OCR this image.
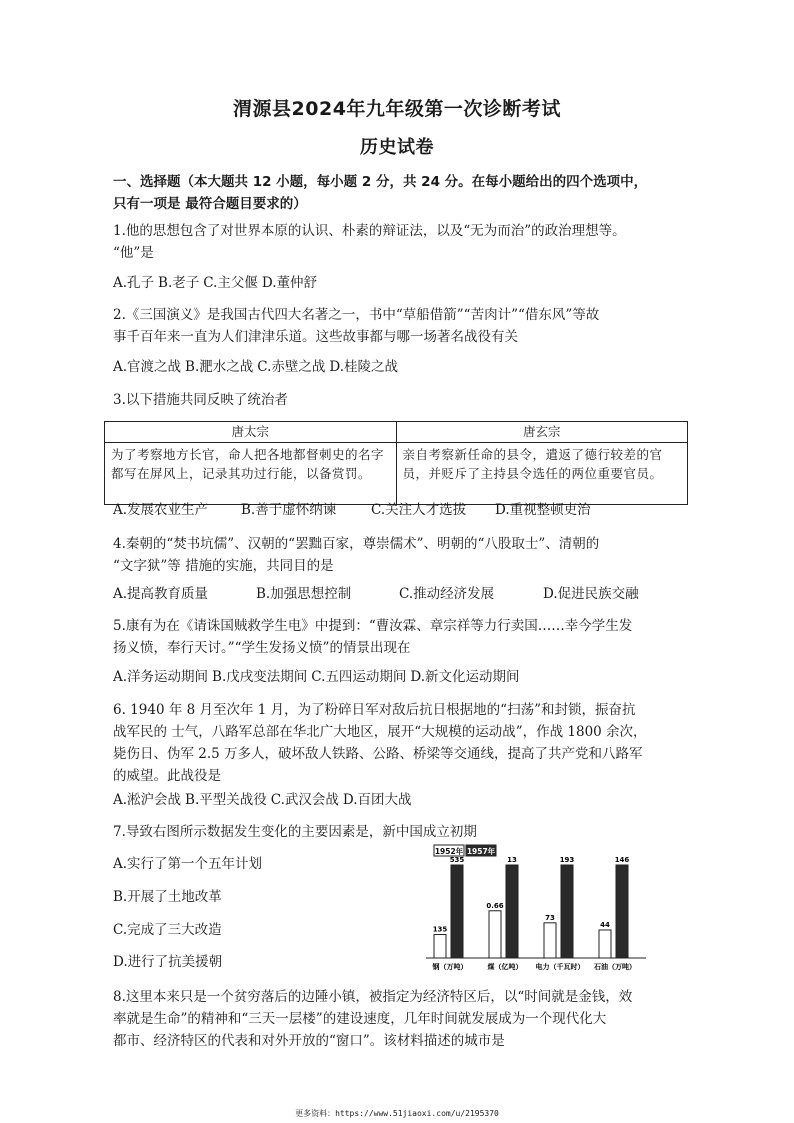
渭源县2024年九年级第一次诊断考试
历史试卷
一、选择题（本大题共 12 小题，每小题 2 分，共 24 分。在每小题给出的四个选项中，
只有一项是 最符合题目要求的）
1.他的思想包含了对世界本原的认识、朴素的辩证法，以及“无为而治”的政治理想等。
“他”是
A.孔子 B.老子 C.主父偃 D.董仲舒
2.《三国演义》是我国古代四大名著之一，书中“草船借箭”“苦肉计”“借东风”等故
事千百年来一直为人们津津乐道。这些故事都与哪一场著名战役有关
A.官渡之战 B.淝水之战 C.赤壁之战 D.桂陵之战
3.以下措施共同反映了统治者
唐太宗	唐玄宗
为了考察地方长官，命人把各地都督刺史的名字都写在屏风上，记录其功过行能，以备赏罚。	亲自考察新任命的县令，遣返了德行较差的官员，并贬斥了主持县令选任的两位重要官员。
A.发展农业生产 B.善于虚怀纳谏	C.关注人才选拔 D.重视整顿吏治
4.秦朝的“焚书坑儒”、汉朝的“罢黜百家，尊崇儒术”、明朝的“八股取士”、清朝的
“文字狱”等 措施的实施，共同目的是
A.提高教育质量	B.加强思想控制	C.推动经济发展	D.促进民族交融
5.康有为在《请诛国贼救学生电》中提到：“曹汝霖、章宗祥等力行卖国……幸今学生发
扬义愤，奉行天讨。”“学生发扬义愤”的情景出现在
A.洋务运动期间 B.戊戌变法期间 C.五四运动期间 D.新文化运动期间
6. 1940 年 8 月至次年 1 月，为了粉碎日军对敌后抗日根据地的“扫荡”和封锁，振奋抗
战军民的 士气，八路军总部在华北广大地区，展开“大规模的运动战”，作战 1800 余次，
毙伤日、伪军 2.5 万多人，破坏敌人铁路、公路、桥梁等交通线，提高了共产党和八路军
的威望。此战役是
A.淞沪会战 B.平型关战役 C.武汉会战 D.百团大战
7.导致右图所示数据发生变化的主要因素是，新中国成立初期
A.实行了第一个五年计划
B.开展了土地改革
C.完成了三大改造
D.进行了抗美援朝
1952年 1957年
135
535
0.66
13
73
193
44
146
钢（万吨）	煤（亿吨） 电力（千瓦时） 石油（万吨）
8.这里本来只是一个贫穷落后的边陲小镇，被指定为经济特区后，以“时间就是金钱，效
率就是生命”的精神和“三天一层楼”的建设速度，几年时间就发展成为一个现代化大
都市、经济特区的代表和对外开放的“窗口”。该材料描述的城市是
更多资料：https://www.51jiaoxi.com/u/2195370
